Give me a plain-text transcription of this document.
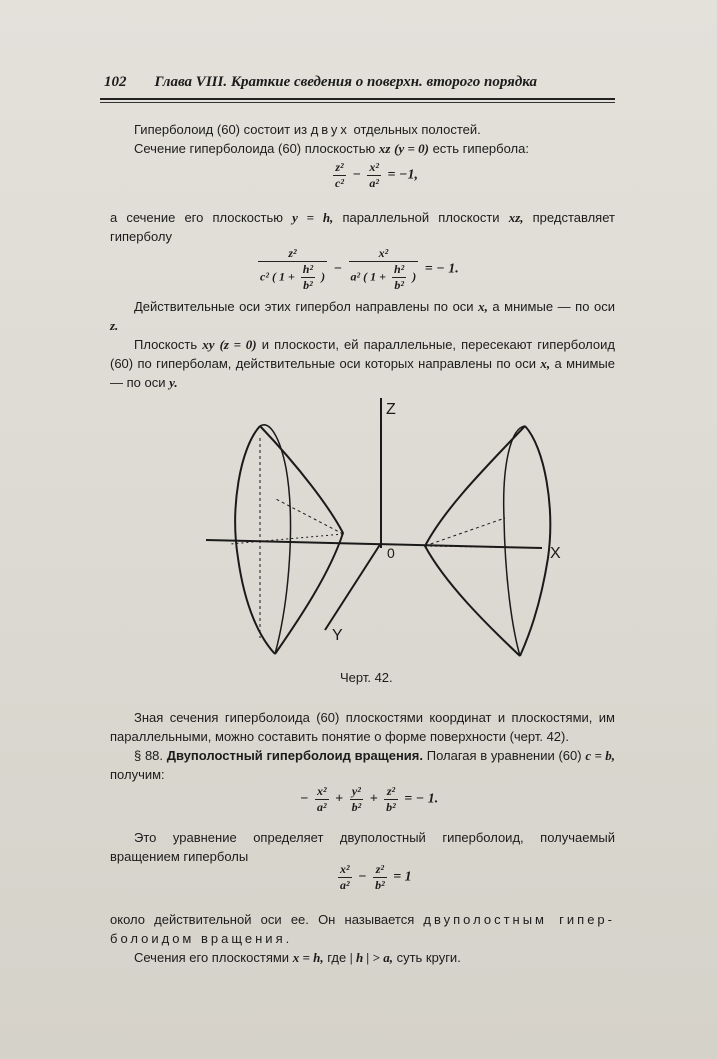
102 Глава VIII. Краткие сведения о поверхн. второго порядка
Гиперболоид (60) состоит из двух отдельных полостей.
Сечение гиперболоида (60) плоскостью xz (y = 0) есть гипербола:
$\frac{\text{z²}}{\text{c²}} - \frac{\text{x²}}{\text{a²}} = -1$,
а сечение его плоскостью y = h, параллельной плоскости xz, представляет гиперболу
$\frac{\text{z²}}{c^2 ( 1 + \frac{\text{h²}}{\text{b²}} )} - \frac{\text{x²}}{a^2 ( 1 + \frac{\text{h²}}{\text{b²}} )}$ = − 1.
Действительные оси этих гипербол направлены по оси x, а мнимые — по оси z.
Плоскость xy (z = 0) и плоскости, ей параллельные, пересекают гиперболоид (60) по гиперболам, действительные оси которых направлены по оси x, а мнимые — по оси y.
Z
X
Y
0
Черт. 42.
Зная сечения гиперболоида (60) плоскостями координат и плоскостями, им параллельными, можно составить понятие о форме поверхности (черт. 42).
§ 88. Двуполостный гиперболоид вращения. Полагая в уравнении (60) c = b, получим:
− $\frac{\text{x²}}{\text{a²}} + \frac{\text{y²}}{\text{b²}} + \frac{\text{z²}}{\text{b²}}$ = − 1.
Это уравнение определяет двуполостный гиперболоид, получаемый вращением гиперболы
$\frac{\text{x²}}{\text{a²}} - \frac{\text{z²}}{\text{b²}} = 1$
около действительной оси ее. Он называется двуполостным гипер- болоидом вращения.
Сечения его плоскостями x = h, где | h | > a, суть круги.
